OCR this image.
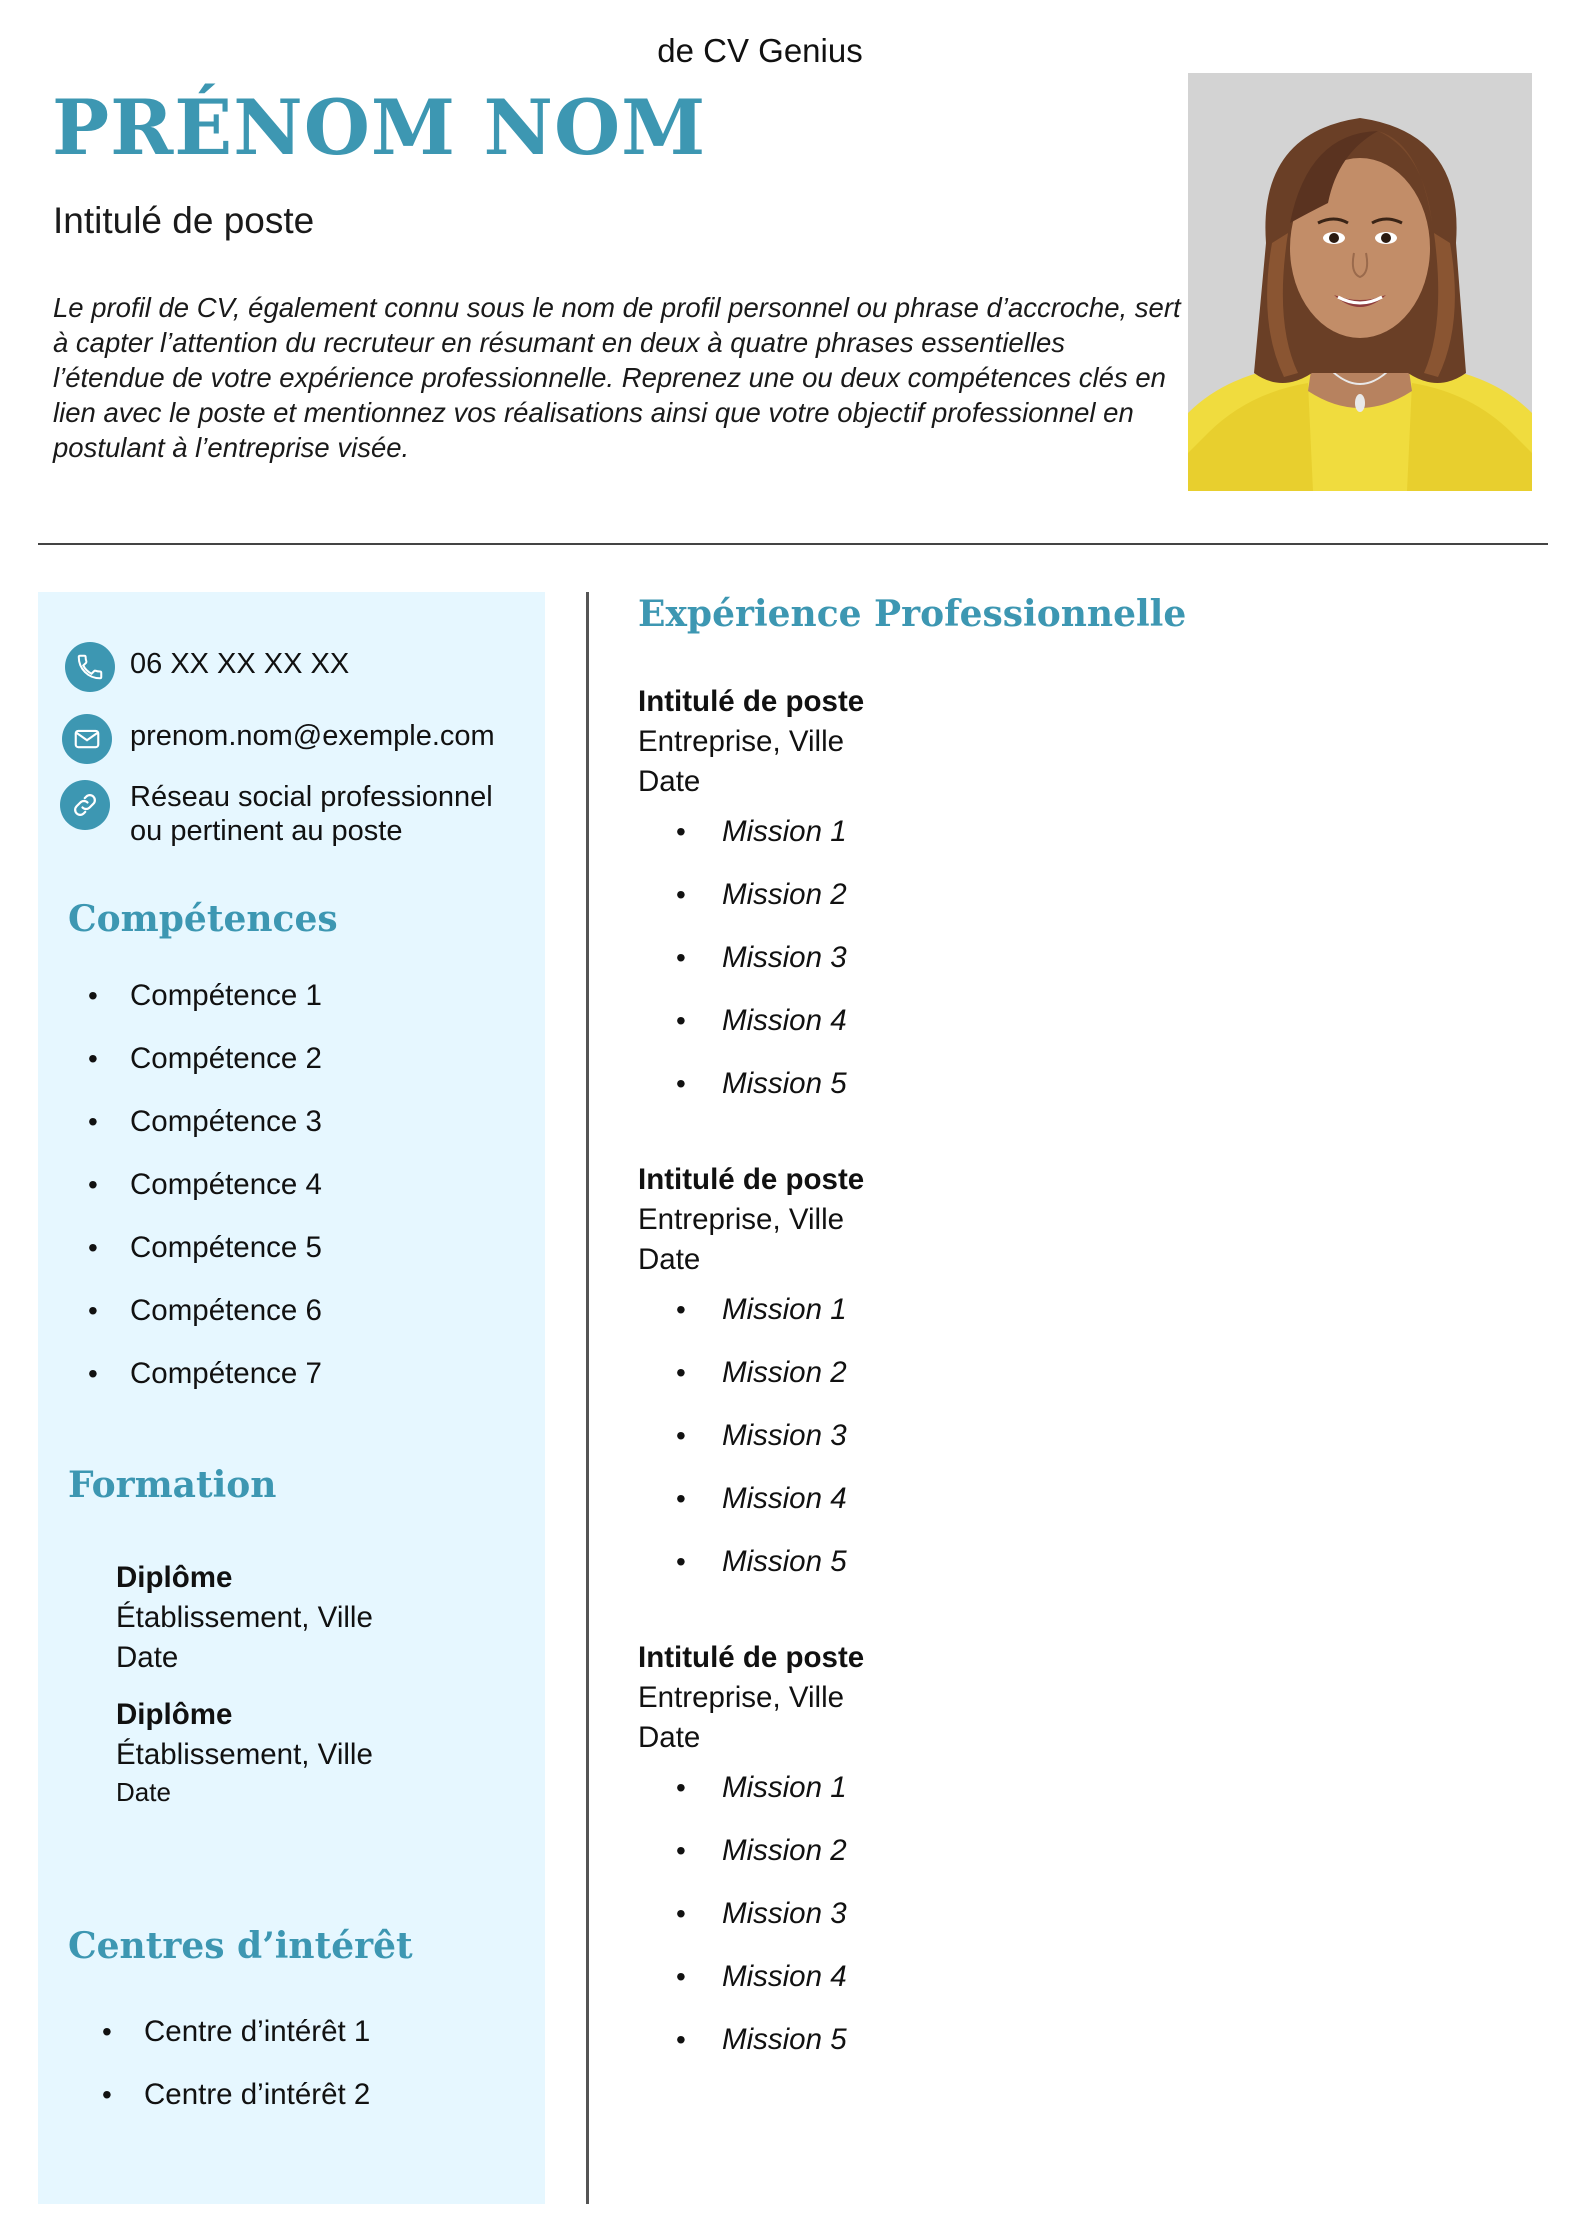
de CV Genius
PRÉNOM NOM
Intitulé de poste

Le profil de CV, également connu sous le nom de profil personnel ou phrase d’accroche, sert à capter l’attention du recruteur en résumant en deux à quatre phrases essentielles l’étendue de votre expérience professionnelle. Reprenez une ou deux compétences clés en lien avec le poste et mentionnez vos réalisations ainsi que votre objectif professionnel en postulant à l’entreprise visée.

06 XX XX XX XX
prenom.nom@exemple.com
Réseau social professionnel
ou pertinent au poste
Compétences
• Compétence 1
• Compétence 2
• Compétence 3
• Compétence 4
• Compétence 5
• Compétence 6
• Compétence 7
Formation
Diplôme
Établissement, Ville
Date
Diplôme
Établissement, Ville
Date
Centres d’intérêt
• Centre d’intérêt 1
• Centre d’intérêt 2
Expérience Professionnelle
Intitulé de poste
Entreprise, Ville
Date
• Mission 1
• Mission 2
• Mission 3
• Mission 4
• Mission 5
Intitulé de poste
Entreprise, Ville
Date
• Mission 1
• Mission 2
• Mission 3
• Mission 4
• Mission 5
Intitulé de poste
Entreprise, Ville
Date
• Mission 1
• Mission 2
• Mission 3
• Mission 4
• Mission 5
